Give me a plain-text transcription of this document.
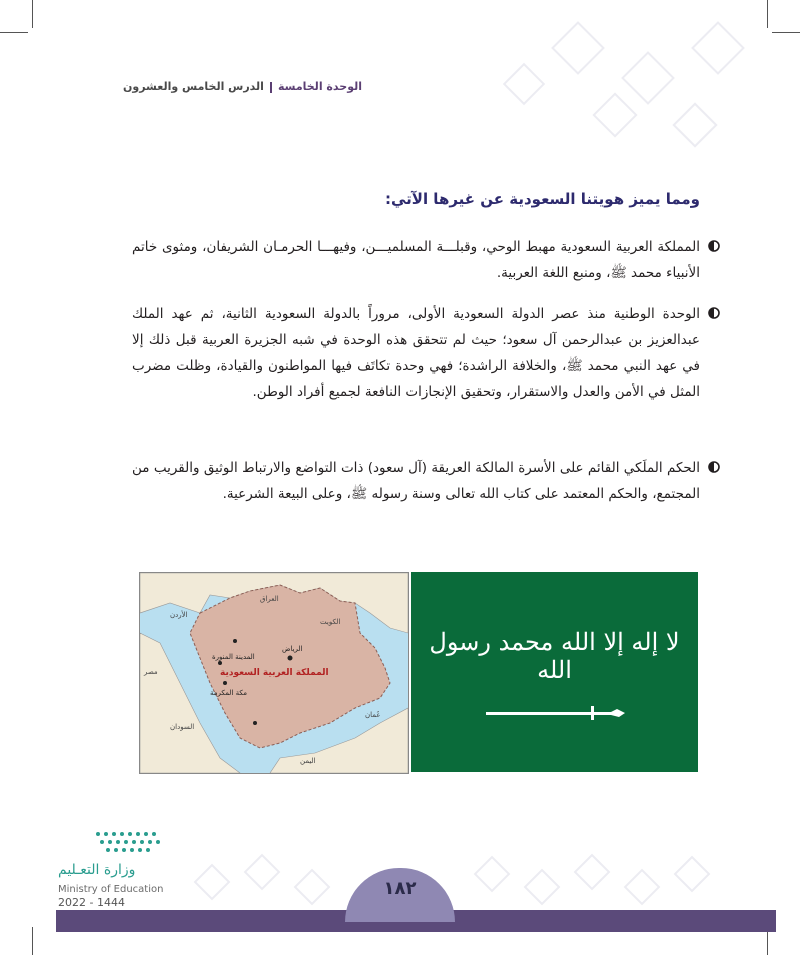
الوحدة الخامسةالدرس الخامس والعشرون
ومما يميز هويتنا السعودية عن غيرها الآتي:
المملكة العربية السعودية مهبط الوحي، وقبلـــة المسلميـــن، وفيهـــا الحرمـان الشريفان، ومثوى خاتم الأنبياء محمد ﷺ، ومنبع اللغة العربية.
الوحدة الوطنية منذ عصر الدولة السعودية الأولى، مروراً بالدولة السعودية الثانية، ثم عهد الملك عبدالعزيز بن عبدالرحمن آل سعود؛ حيث لم تتحقق هذه الوحدة في شبه الجزيرة العربية قبل ذلك إلا في عهد النبي محمد ﷺ، والخلافة الراشدة؛ فهي وحدة تكاتَف فيها المواطنون والقيادة، وظلت مضرب المثل في الأمن والعدل والاستقرار، وتحقيق الإنجازات النافعة لجميع أفراد الوطن.
الحكم الملَكي القائم على الأسرة المالكة العريقة (آل سعود) ذات التواضع والارتباط الوثيق والقريب من المجتمع، والحكم المعتمد على كتاب الله تعالى وسنة رسوله ﷺ، وعلى البيعة الشرعية.
المملكة العربية السعودية
العراق
الأردن
الكويت
الرياض
مكة المكرمة
المدينة المنورة
مصر
السودان
اليمن
عُمان
لا إله إلا الله محمد رسول الله
وزارة التعـليم
Ministry of Education
2022 - 1444
١٨٢
